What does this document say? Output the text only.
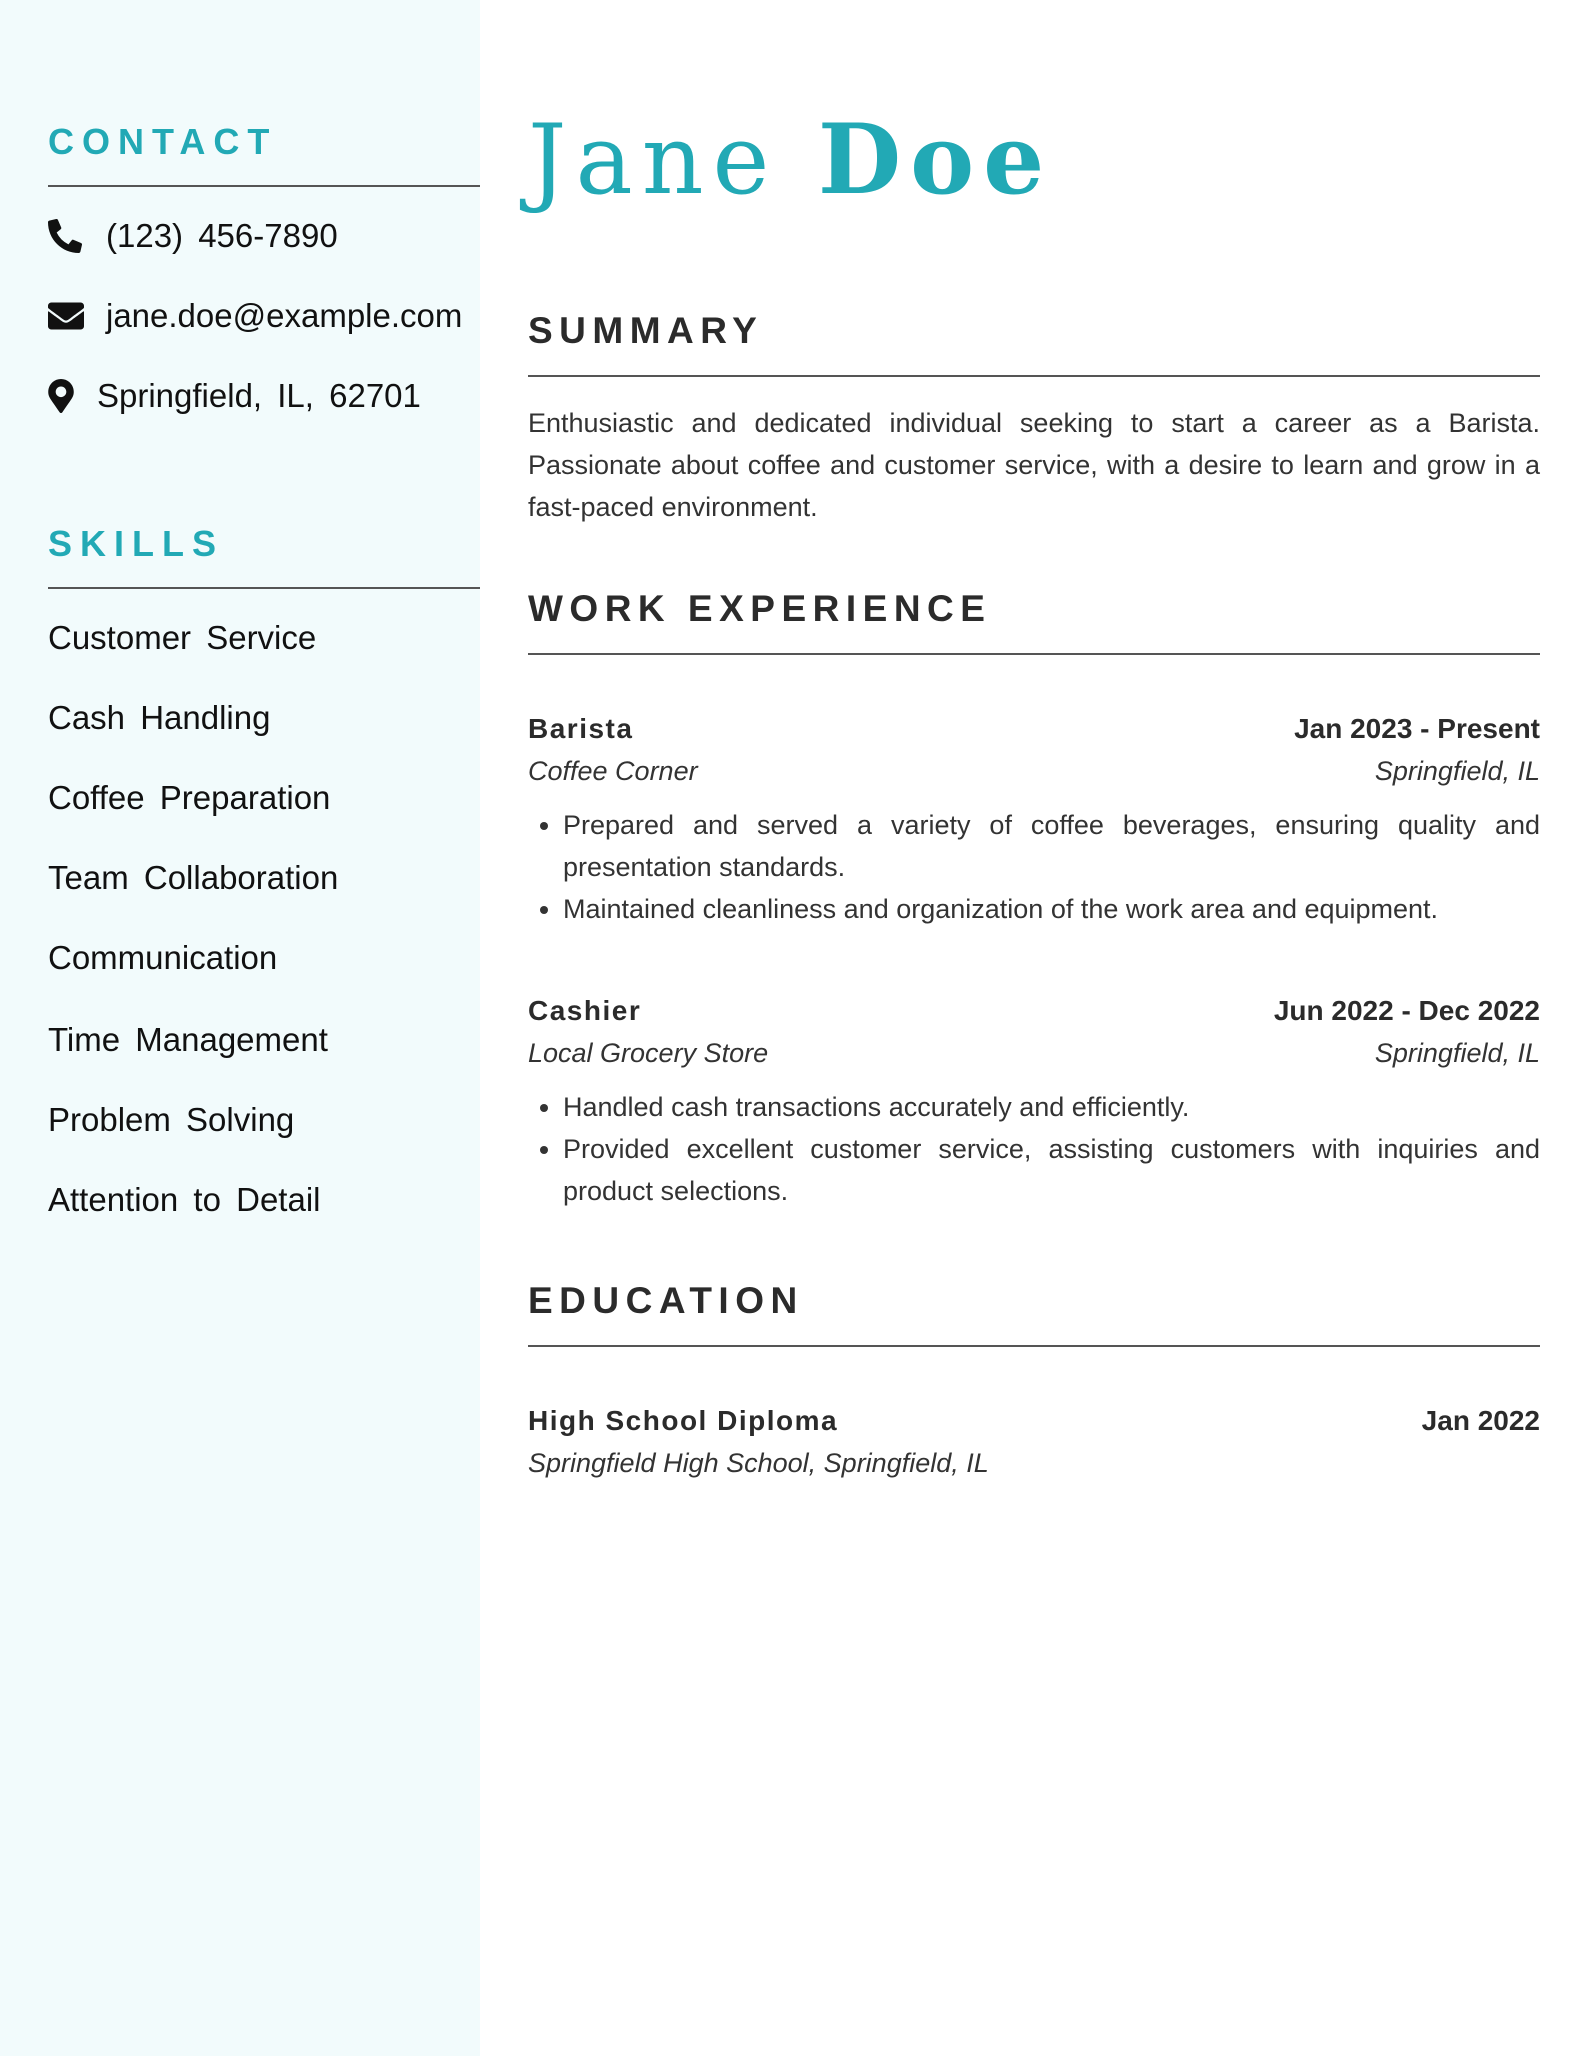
CONTACT
(123) 456-7890
jane.doe@example.com
Springfield, IL, 62701
SKILLS
Customer Service
Cash Handling
Coffee Preparation
Team Collaboration
Communication
Time Management
Problem Solving
Attention to Detail
Jane Doe
SUMMARY
Enthusiastic and dedicated individual seeking to start a career as a Barista. Passionate about coffee and customer service, with a desire to learn and grow in a fast-paced environment.
WORK EXPERIENCE
Barista	Jan 2023 - Present
Coffee Corner	Springfield, IL
• Prepared and served a variety of coffee beverages, ensuring quality and presentation standards.
• Maintained cleanliness and organization of the work area and equipment.
Cashier	Jun 2022 - Dec 2022
Local Grocery Store	Springfield, IL
• Handled cash transactions accurately and efficiently.
• Provided excellent customer service, assisting customers with inquiries and product selections.
EDUCATION
High School Diploma	Jan 2022
Springfield High School, Springfield, IL
